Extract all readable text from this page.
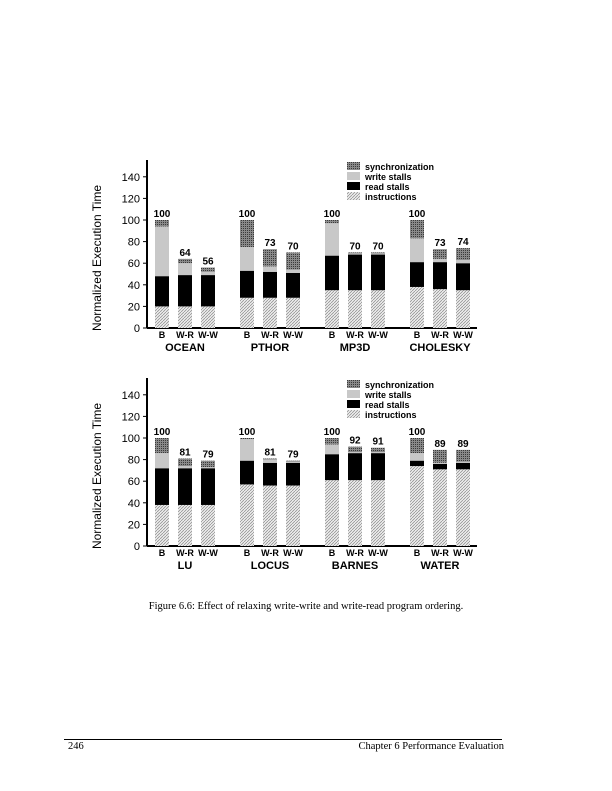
Normalized Execution Time	0
20
40
60
80
100
120
140
100
B
64
W-R
56
W-W
OCEAN
100
B
73
W-R
70
W-W
PTHOR
100
B
70
W-R
70
W-W
MP3D
100
B
73
W-R
74
W-W
CHOLESKY
synchronization
write stalls
read stalls
instructions
Normalized Execution Time	0
20
40
60
80
100
120
140
100
B
81
W-R
79
W-W
LU
100
B
81
W-R
79
W-W
LOCUS
100
B
92
W-R
91
W-W
BARNES
100
B
89
W-R
89
W-W
WATER
synchronization
write stalls
read stalls
instructions
Figure 6.6: Effect of relaxing write-write and write-read program ordering.
246	Chapter 6 Performance Evaluation
